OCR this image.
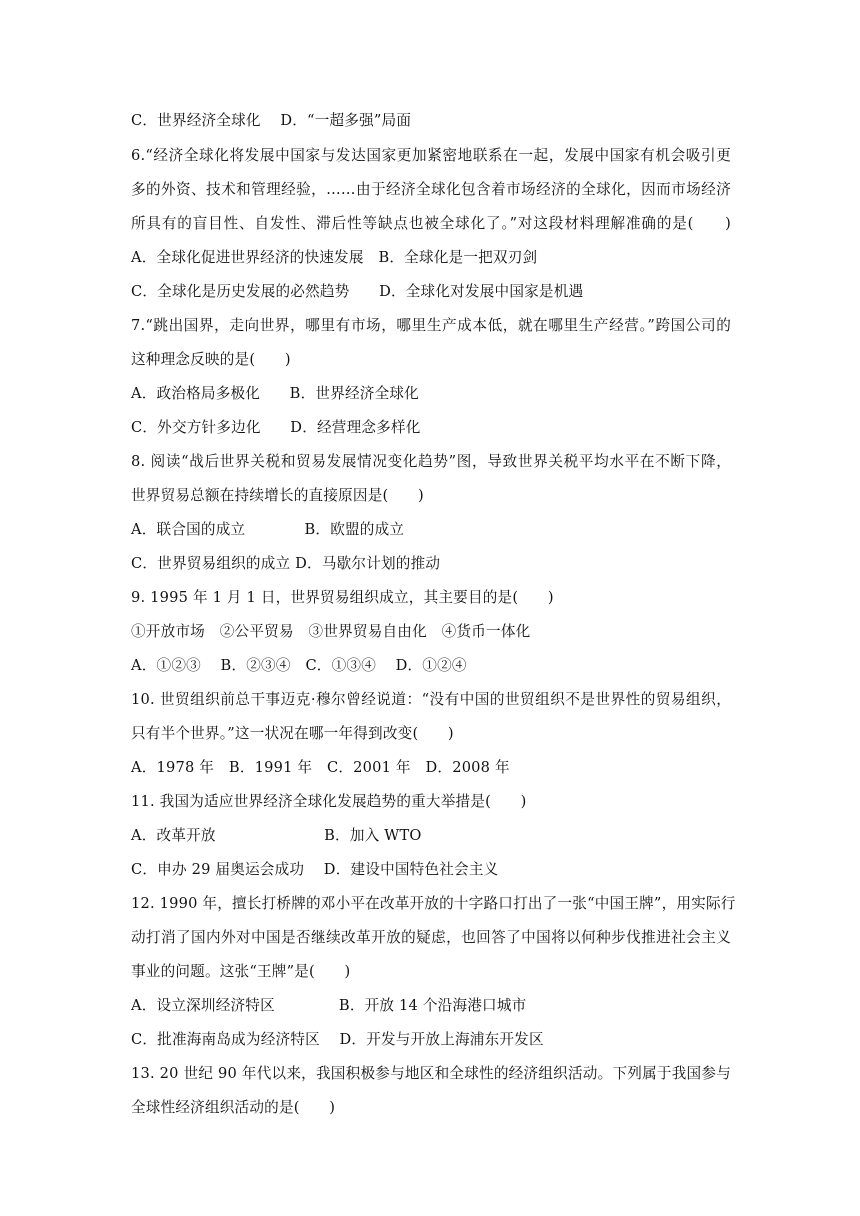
C．世界经济全球化　 D．“一超多强”局面
6.“经济全球化将发展中国家与发达国家更加紧密地联系在一起，发展中国家有机会吸引更
多的外资、技术和管理经验，……由于经济全球化包含着市场经济的全球化，因而市场经济
所具有的盲目性、自发性、滞后性等缺点也被全球化了。”对这段材料理解准确的是(　　)
A．全球化促进世界经济的快速发展　B．全球化是一把双刃剑
C．全球化是历史发展的必然趋势　　D．全球化对发展中国家是机遇
7.“跳出国界，走向世界，哪里有市场，哪里生产成本低，就在哪里生产经营。”跨国公司的
这种理念反映的是(　　)
A．政治格局多极化　　B．世界经济全球化
C．外交方针多边化　　D．经营理念多样化
8. 阅读“战后世界关税和贸易发展情况变化趋势”图，导致世界关税平均水平在不断下降，
世界贸易总额在持续增长的直接原因是(　　)
A．联合国的成立　　　　B．欧盟的成立
C．世界贸易组织的成立 D．马歇尔计划的推动
9. 1995 年 1 月 1 日，世界贸易组织成立，其主要目的是(　　)
①开放市场　②公平贸易　③世界贸易自由化　④货币一体化
A．①②③　 B．②③④　C．①③④　 D．①②④
10. 世贸组织前总干事迈克·穆尔曾经说道：“没有中国的世贸组织不是世界性的贸易组织，
只有半个世界。”这一状况在哪一年得到改变(　　)
A．1978 年　B．1991 年　C．2001 年　D．2008 年
11. 我国为适应世界经济全球化发展趋势的重大举措是(　　)
A．改革开放　　　　　　　 B．加入 WTO
C．申办 29 届奥运会成功　 D．建设中国特色社会主义
12. 1990 年，擅长打桥牌的邓小平在改革开放的十字路口打出了一张“中国王牌”，用实际行
动打消了国内外对中国是否继续改革开放的疑虑，也回答了中国将以何种步伐推进社会主义
事业的问题。这张“王牌”是(　　)
A．设立深圳经济特区　　　　 B．开放 14 个沿海港口城市
C．批准海南岛成为经济特区　 D．开发与开放上海浦东开发区
13. 20 世纪 90 年代以来，我国积极参与地区和全球性的经济组织活动。下列属于我国参与
全球性经济组织活动的是(　　)
